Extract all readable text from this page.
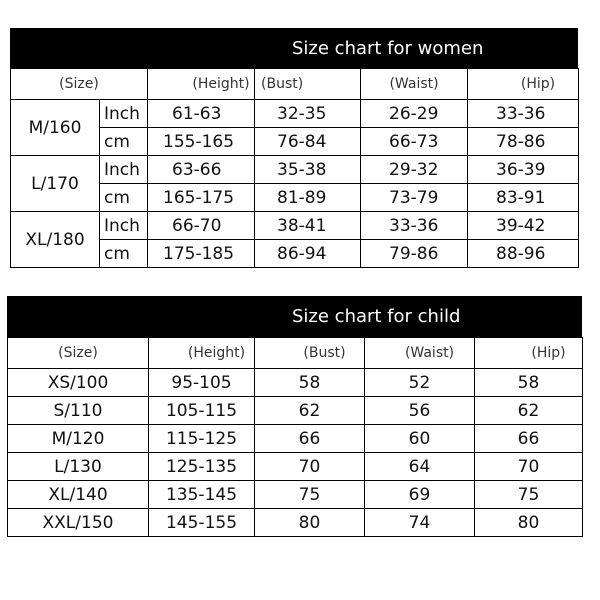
Size chart for women
(Size)		(Height)	(Bust)	(Waist)	(Hip)
M/160	Inch	61-63	32-35	26-29	33-36
	cm	155-165	76-84	66-73	78-86
L/170	Inch	63-66	35-38	29-32	36-39
	cm	165-175	81-89	73-79	83-91
XL/180	Inch	66-70	38-41	33-36	39-42
	cm	175-185	86-94	79-86	88-96
Size chart for child
(Size)	(Height)	(Bust)	(Waist)	(Hip)
XS/100	95-105	58	52	58
S/110	105-115	62	56	62
M/120	115-125	66	60	66
L/130	125-135	70	64	70
XL/140	135-145	75	69	75
XXL/150	145-155	80	74	80
